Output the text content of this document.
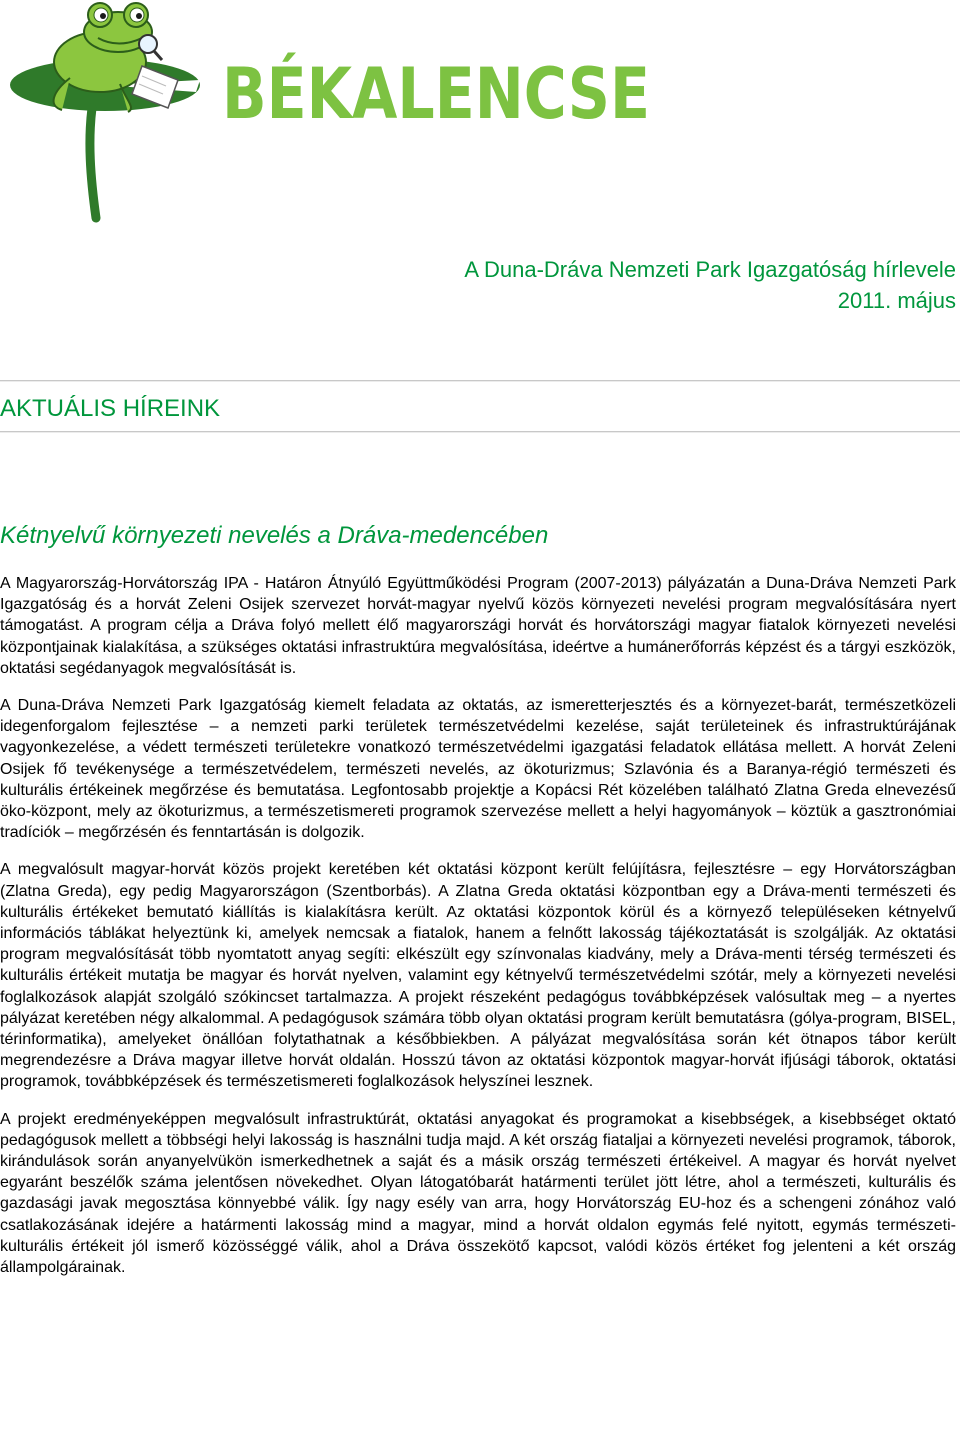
BÉKALENCSE
A Duna-Dráva Nemzeti Park Igazgatóság hírlevele
2011. május
AKTUÁLIS HÍREINK
Kétnyelvű környezeti nevelés a Dráva-medencében

A Magyarország-Horvátország IPA - Határon Átnyúló Együttműködési Program (2007-2013) pályázatán a Duna-Dráva Nemzeti Park Igazgatóság és a horvát Zeleni Osijek szervezet horvát-magyar nyelvű közös környezeti nevelési program megvalósítására nyert támogatást. A program célja a Dráva folyó mellett élő magyarországi horvát és horvátországi magyar fiatalok környezeti nevelési központjainak kialakítása, a szükséges oktatási infrastruktúra megvalósítása, ideértve a humánerőforrás képzést és a tárgyi eszközök, oktatási segédanyagok megvalósítását is.

A Duna-Dráva Nemzeti Park Igazgatóság kiemelt feladata az oktatás, az ismeretterjesztés és a környezet-barát, természetközeli idegenforgalom fejlesztése – a nemzeti parki területek természetvédelmi kezelése, saját területeinek és infrastruktúrájának vagyonkezelése, a védett természeti területekre vonatkozó természetvédelmi igazgatási feladatok ellátása mellett. A horvát Zeleni Osijek fő tevékenysége a természetvédelem, természeti nevelés, az ökoturizmus; Szlavónia és a Baranya-régió természeti és kulturális értékeinek megőrzése és bemutatása. Legfontosabb projektje a Kopácsi Rét közelében található Zlatna Greda elnevezésű öko-központ, mely az ökoturizmus, a természetismereti programok szervezése mellett a helyi hagyományok – köztük a gasztronómiai tradíciók – megőrzésén és fenntartásán is dolgozik.

A megvalósult magyar-horvát közös projekt keretében két oktatási központ került felújításra, fejlesztésre – egy Horvátországban (Zlatna Greda), egy pedig Magyarországon (Szentborbás). A Zlatna Greda oktatási központban egy a Dráva-menti természeti és kulturális értékeket bemutató kiállítás is kialakításra került. Az oktatási központok körül és a környező településeken kétnyelvű információs táblákat helyeztünk ki, amelyek nemcsak a fiatalok, hanem a felnőtt lakosság tájékoztatását is szolgálják. Az oktatási program megvalósítását több nyomtatott anyag segíti: elkészült egy színvonalas kiadvány, mely a Dráva-menti térség természeti és kulturális értékeit mutatja be magyar és horvát nyelven, valamint egy kétnyelvű természetvédelmi szótár, mely a környezeti nevelési foglalkozások alapját szolgáló szókincset tartalmazza. A projekt részeként pedagógus továbbképzések valósultak meg – a nyertes pályázat keretében négy alkalommal. A pedagógusok számára több olyan oktatási program került bemutatásra (gólya-program, BISEL, térinformatika), amelyeket önállóan folytathatnak a későbbiekben. A pályázat megvalósítása során két ötnapos tábor került megrendezésre a Dráva magyar illetve horvát oldalán. Hosszú távon az oktatási központok magyar-horvát ifjúsági táborok, oktatási programok, továbbképzések és természetismereti foglalkozások helyszínei lesznek.

A projekt eredményeképpen megvalósult infrastruktúrát, oktatási anyagokat és programokat a kisebbségek, a kisebbséget oktató pedagógusok mellett a többségi helyi lakosság is használni tudja majd. A két ország fiataljai a környezeti nevelési programok, táborok, kirándulások során anyanyelvükön ismerkedhetnek a saját és a másik ország természeti értékeivel. A magyar és horvát nyelvet egyaránt beszélők száma jelentősen növekedhet. Olyan látogatóbarát határmenti terület jött létre, ahol a természeti, kulturális és gazdasági javak megosztása könnyebbé válik. Így nagy esély van arra, hogy Horvátország EU-hoz és a schengeni zónához való csatlakozásának idejére a határmenti lakosság mind a magyar, mind a horvát oldalon egymás felé nyitott, egymás természeti- kulturális értékeit jól ismerő közösséggé válik, ahol a Dráva összekötő kapcsot, valódi közös értéket fog jelenteni a két ország állampolgárainak.
